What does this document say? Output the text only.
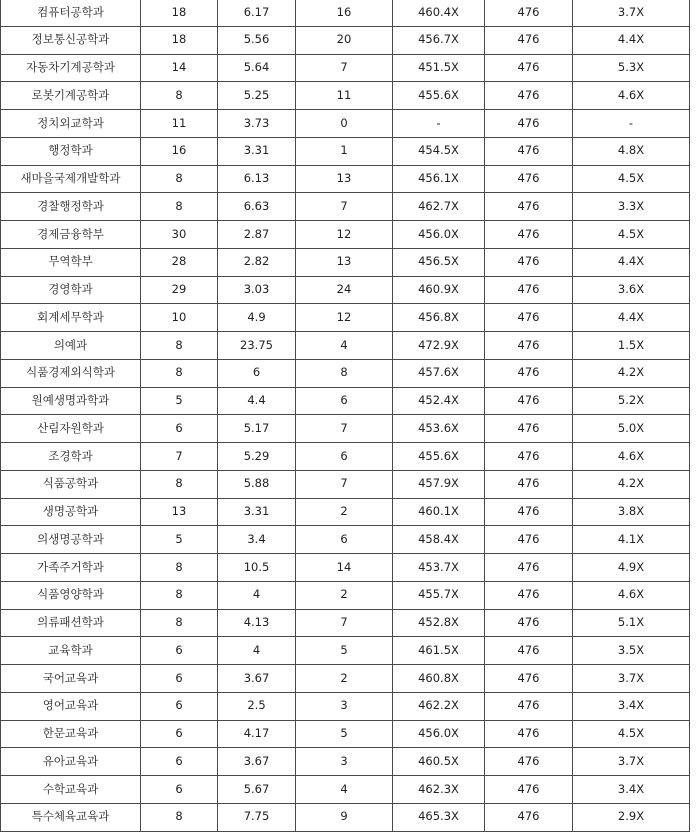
컴퓨터공학과	18	6.17	16	460.4X	476	3.7X
정보통신공학과	18	5.56	20	456.7X	476	4.4X
자동차기계공학과	14	5.64	7	451.5X	476	5.3X
로봇기계공학과	8	5.25	11	455.6X	476	4.6X
정치외교학과	11	3.73	0	-	476	-
행정학과	16	3.31	1	454.5X	476	4.8X
새마을국제개발학과	8	6.13	13	456.1X	476	4.5X
경찰행정학과	8	6.63	7	462.7X	476	3.3X
경제금융학부	30	2.87	12	456.0X	476	4.5X
무역학부	28	2.82	13	456.5X	476	4.4X
경영학과	29	3.03	24	460.9X	476	3.6X
회계세무학과	10	4.9	12	456.8X	476	4.4X
의예과	8	23.75	4	472.9X	476	1.5X
식품경제외식학과	8	6	8	457.6X	476	4.2X
원예생명과학과	5	4.4	6	452.4X	476	5.2X
산림자원학과	6	5.17	7	453.6X	476	5.0X
조경학과	7	5.29	6	455.6X	476	4.6X
식품공학과	8	5.88	7	457.9X	476	4.2X
생명공학과	13	3.31	2	460.1X	476	3.8X
의생명공학과	5	3.4	6	458.4X	476	4.1X
가족주거학과	8	10.5	14	453.7X	476	4.9X
식품영양학과	8	4	2	455.7X	476	4.6X
의류패션학과	8	4.13	7	452.8X	476	5.1X
교육학과	6	4	5	461.5X	476	3.5X
국어교육과	6	3.67	2	460.8X	476	3.7X
영어교육과	6	2.5	3	462.2X	476	3.4X
한문교육과	6	4.17	5	456.0X	476	4.5X
유아교육과	6	3.67	3	460.5X	476	3.7X
수학교육과	6	5.67	4	462.3X	476	3.4X
특수체육교육과	8	7.75	9	465.3X	476	2.9X
